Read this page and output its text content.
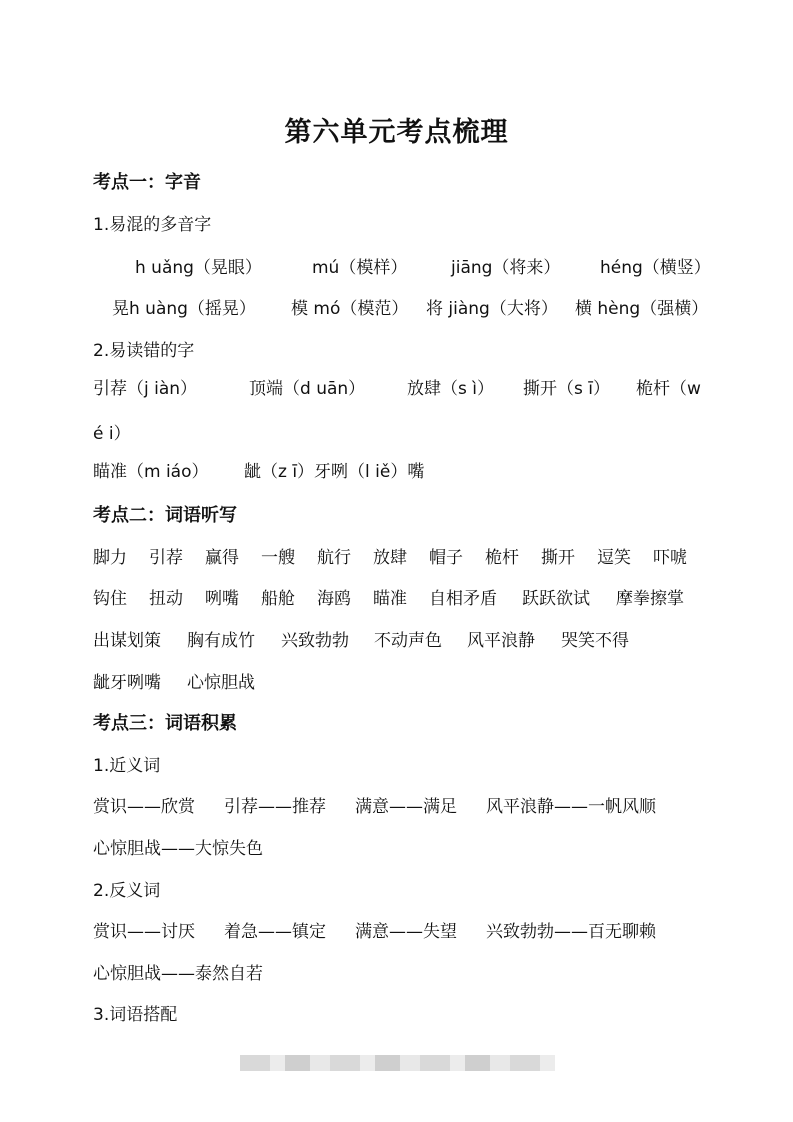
第六单元考点梳理
考点一：字音
1.易混的多音字
h uǎng（晃眼）	mú（模样）	jiāng（将来） héng（横竖）
晃h uàng（摇晃） 模 mó（模范） 将 jiàng（大将） 横 hèng（强横）
2.易读错的字
引荐（j iàn）	顶端（d uān） 放肆（s ì） 撕开（s ī） 桅杆（w
é i）
瞄准（m iáo） 龇（z ī）牙咧（l iě）嘴
考点二：词语听写
脚力 引荐 赢得 一艘 航行 放肆 帽子 桅杆 撕开 逗笑 吓唬
钩住 扭动 咧嘴 船舱 海鸥 瞄准 自相矛盾 跃跃欲试 摩拳擦掌
出谋划策 胸有成竹 兴致勃勃 不动声色 风平浪静 哭笑不得
龇牙咧嘴 心惊胆战
考点三：词语积累
1.近义词
赏识——欣赏 引荐——推荐 满意——满足 风平浪静——一帆风顺
心惊胆战——大惊失色
2.反义词
赏识——讨厌 着急——镇定 满意——失望 兴致勃勃——百无聊赖
心惊胆战——泰然自若
3.词语搭配
